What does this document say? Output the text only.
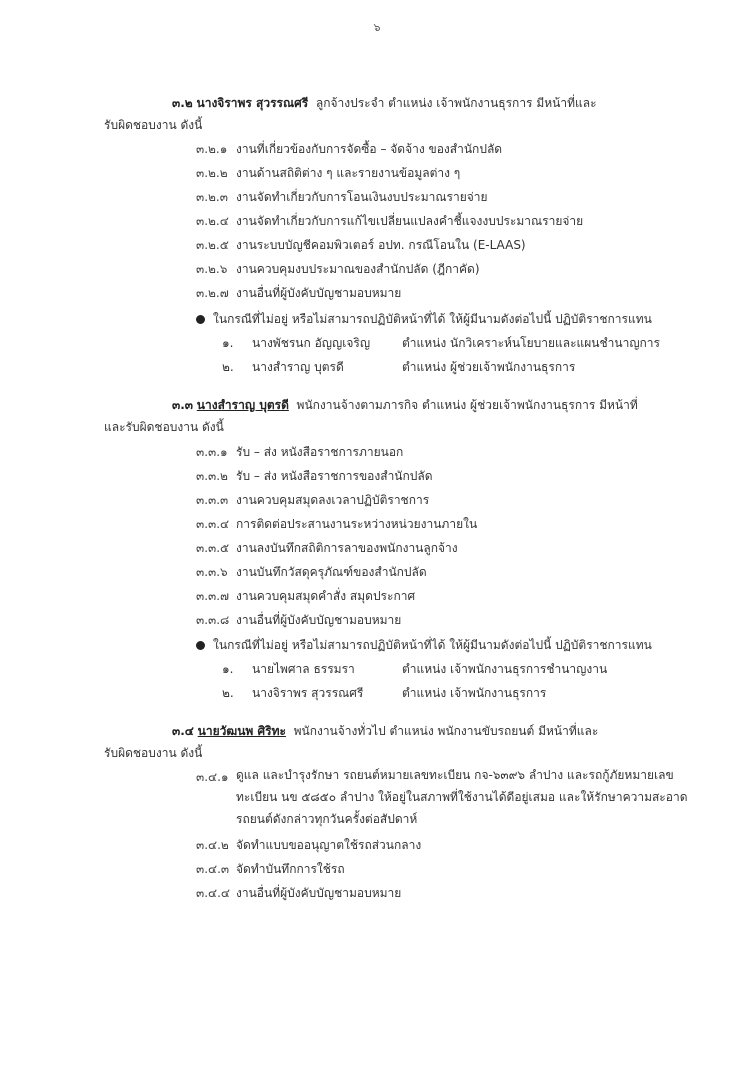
๖
๓.๒ นางจิราพร สุวรรณศรี ลูกจ้างประจำ ตำแหน่ง เจ้าพนักงานธุรการ มีหน้าที่และ
รับผิดชอบงาน ดังนี้
๓.๒.๑ งานที่เกี่ยวข้องกับการจัดซื้อ – จัดจ้าง ของสำนักปลัด
๓.๒.๒ งานด้านสถิติต่าง ๆ และรายงานข้อมูลต่าง ๆ
๓.๒.๓ งานจัดทำเกี่ยวกับการโอนเงินงบประมาณรายจ่าย
๓.๒.๔ งานจัดทำเกี่ยวกับการแก้ไขเปลี่ยนแปลงคำชี้แจงงบประมาณรายจ่าย
๓.๒.๕ งานระบบบัญชีคอมพิวเตอร์ อปท. กรณีโอนใน (E-LAAS)
๓.๒.๖ งานควบคุมงบประมาณของสำนักปลัด (ฎีกาคัด)
๓.๒.๗ งานอื่นที่ผู้บังคับบัญชามอบหมาย
ในกรณีที่ไม่อยู่ หรือไม่สามารถปฏิบัติหน้าที่ได้ ให้ผู้มีนามดังต่อไปนี้ ปฏิบัติราชการแทน
๑. นางพัชรนก อัญญเจริญ	ตำแหน่ง นักวิเคราะห์นโยบายและแผนชำนาญการ
๒. นางสำราญ บุตรดี	ตำแหน่ง ผู้ช่วยเจ้าพนักงานธุรการ
๓.๓ นางสำราญ บุตรดี พนักงานจ้างตามภารกิจ ตำแหน่ง ผู้ช่วยเจ้าพนักงานธุรการ มีหน้าที่
และรับผิดชอบงาน ดังนี้
๓.๓.๑ รับ – ส่ง หนังสือราชการภายนอก
๓.๓.๒ รับ – ส่ง หนังสือราชการของสำนักปลัด
๓.๓.๓ งานควบคุมสมุดลงเวลาปฏิบัติราชการ
๓.๓.๔ การติดต่อประสานงานระหว่างหน่วยงานภายใน
๓.๓.๕ งานลงบันทึกสถิติการลาของพนักงานลูกจ้าง
๓.๓.๖ งานบันทึกวัสดุครุภัณฑ์ของสำนักปลัด
๓.๓.๗ งานควบคุมสมุดคำสั่ง สมุดประกาศ
๓.๓.๘ งานอื่นที่ผู้บังคับบัญชามอบหมาย
ในกรณีที่ไม่อยู่ หรือไม่สามารถปฏิบัติหน้าที่ได้ ให้ผู้มีนามดังต่อไปนี้ ปฏิบัติราชการแทน
๑. นายไพศาล ธรรมรา	ตำแหน่ง เจ้าพนักงานธุรการชำนาญงาน
๒. นางจิราพร สุวรรณศรี	ตำแหน่ง เจ้าพนักงานธุรการ
๓.๔ นายวัฒนพ ศิริทะ พนักงานจ้างทั่วไป ตำแหน่ง พนักงานขับรถยนต์ มีหน้าที่และ
รับผิดชอบงาน ดังนี้
๓.๔.๑ ดูแล และบำรุงรักษา รถยนต์หมายเลขทะเบียน กจ-๖๓๙๖ ลำปาง และรถกู้ภัยหมายเลขทะเบียน นข ๕๘๕๐ ลำปาง ให้อยู่ในสภาพที่ใช้งานได้ดีอยู่เสมอ และให้รักษาความสะอาดรถยนต์ดังกล่าวทุกวันครั้งต่อสัปดาห์
๓.๔.๒ จัดทำแบบขออนุญาตใช้รถส่วนกลาง
๓.๔.๓ จัดทำบันทึกการใช้รถ
๓.๔.๔ งานอื่นที่ผู้บังคับบัญชามอบหมาย
